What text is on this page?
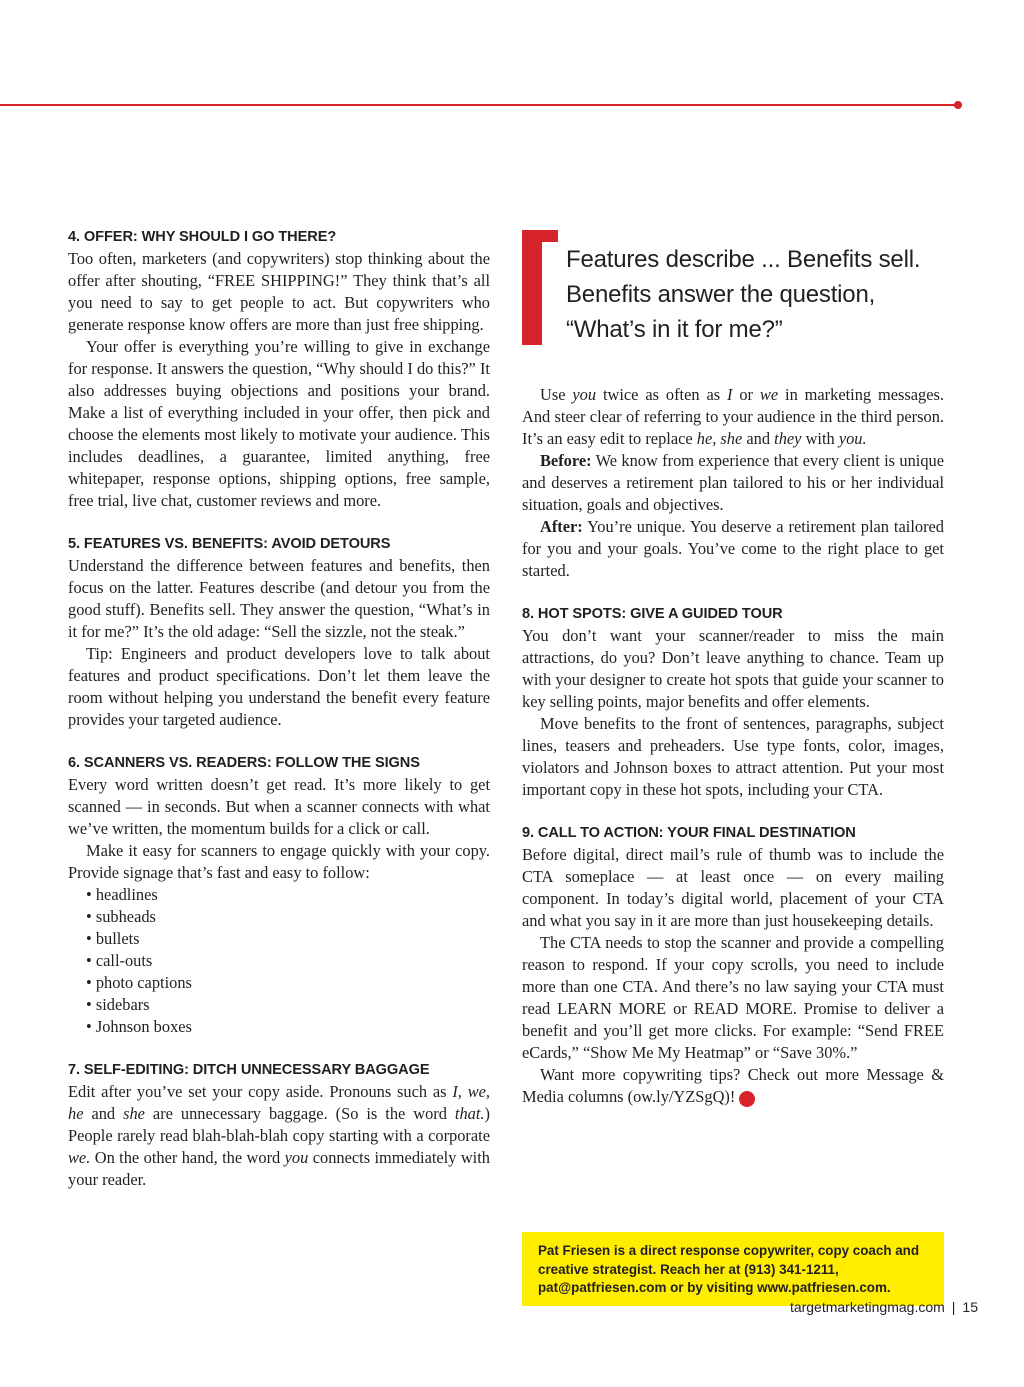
4. OFFER: WHY SHOULD I GO THERE?

Too often, marketers (and copywriters) stop thinking about the offer after shouting, “FREE SHIPPING!” They think that’s all you need to say to get people to act. But copywriters who generate response know offers are more than just free shipping.

Your offer is everything you’re willing to give in exchange for response. It answers the question, “Why should I do this?” It also addresses buying objections and positions your brand. Make a list of everything included in your offer, then pick and choose the elements most likely to motivate your audience. This includes deadlines, a guarantee, limited anything, free whitepaper, response options, shipping options, free sample, free trial, live chat, customer reviews and more.

5. FEATURES VS. BENEFITS: AVOID DETOURS

Understand the difference between features and benefits, then focus on the latter. Features describe (and detour you from the good stuff). Benefits sell. They answer the question, “What’s in it for me?” It’s the old adage: “Sell the sizzle, not the steak.”

Tip: Engineers and product developers love to talk about features and product specifications. Don’t let them leave the room without helping you understand the benefit every feature provides your targeted audience.

6. SCANNERS VS. READERS: FOLLOW THE SIGNS

Every word written doesn’t get read. It’s more likely to get scanned — in seconds. But when a scanner connects with what we’ve written, the momentum builds for a click or call.

Make it easy for scanners to engage quickly with your copy. Provide signage that’s fast and easy to follow:

• headlines
• subheads
• bullets
• call-outs
• photo captions
• sidebars
• Johnson boxes
7. SELF-EDITING: DITCH UNNECESSARY BAGGAGE

Edit after you’ve set your copy aside. Pronouns such as I, we, he and she are unnecessary baggage. (So is the word that.) People rarely read blah-blah-blah copy starting with a corporate we. On the other hand, the word you connects immediately with your reader.

Features describe ... Benefits sell. Benefits answer the question, “What’s in it for me?”

Use you twice as often as I or we in marketing messages. And steer clear of referring to your audience in the third person. It’s an easy edit to replace he, she and they with you.

Before: We know from experience that every client is unique and deserves a retirement plan tailored to his or her individual situation, goals and objectives.

After: You’re unique. You deserve a retirement plan tailored for you and your goals. You’ve come to the right place to get started.

8. HOT SPOTS: GIVE A GUIDED TOUR

You don’t want your scanner/reader to miss the main attractions, do you? Don’t leave anything to chance. Team up with your designer to create hot spots that guide your scanner to key selling points, major benefits and offer elements.

Move benefits to the front of sentences, paragraphs, subject lines, teasers and preheaders. Use type fonts, color, images, violators and Johnson boxes to attract attention. Put your most important copy in these hot spots, including your CTA.

9. CALL TO ACTION: YOUR FINAL DESTINATION

Before digital, direct mail’s rule of thumb was to include the CTA someplace — at least once — on every mailing component. In today’s digital world, placement of your CTA and what you say in it are more than just housekeeping details.

The CTA needs to stop the scanner and provide a compelling reason to respond. If your copy scrolls, you need to include more than one CTA. And there’s no law saying your CTA must read LEARN MORE or READ MORE. Promise to deliver a benefit and you’ll get more clicks. For example: “Send FREE eCards,” “Show Me My Heatmap” or “Save 30%.”

Want more copywriting tips? Check out more Message & Media columns (ow.ly/YZSgQ)!	TM

Pat Friesen is a direct response copywriter, copy coach and creative strategist. Reach her at (913) 341-1211, pat@patfriesen.com or by visiting www.patfriesen.com.
targetmarketingmag.com | 15
